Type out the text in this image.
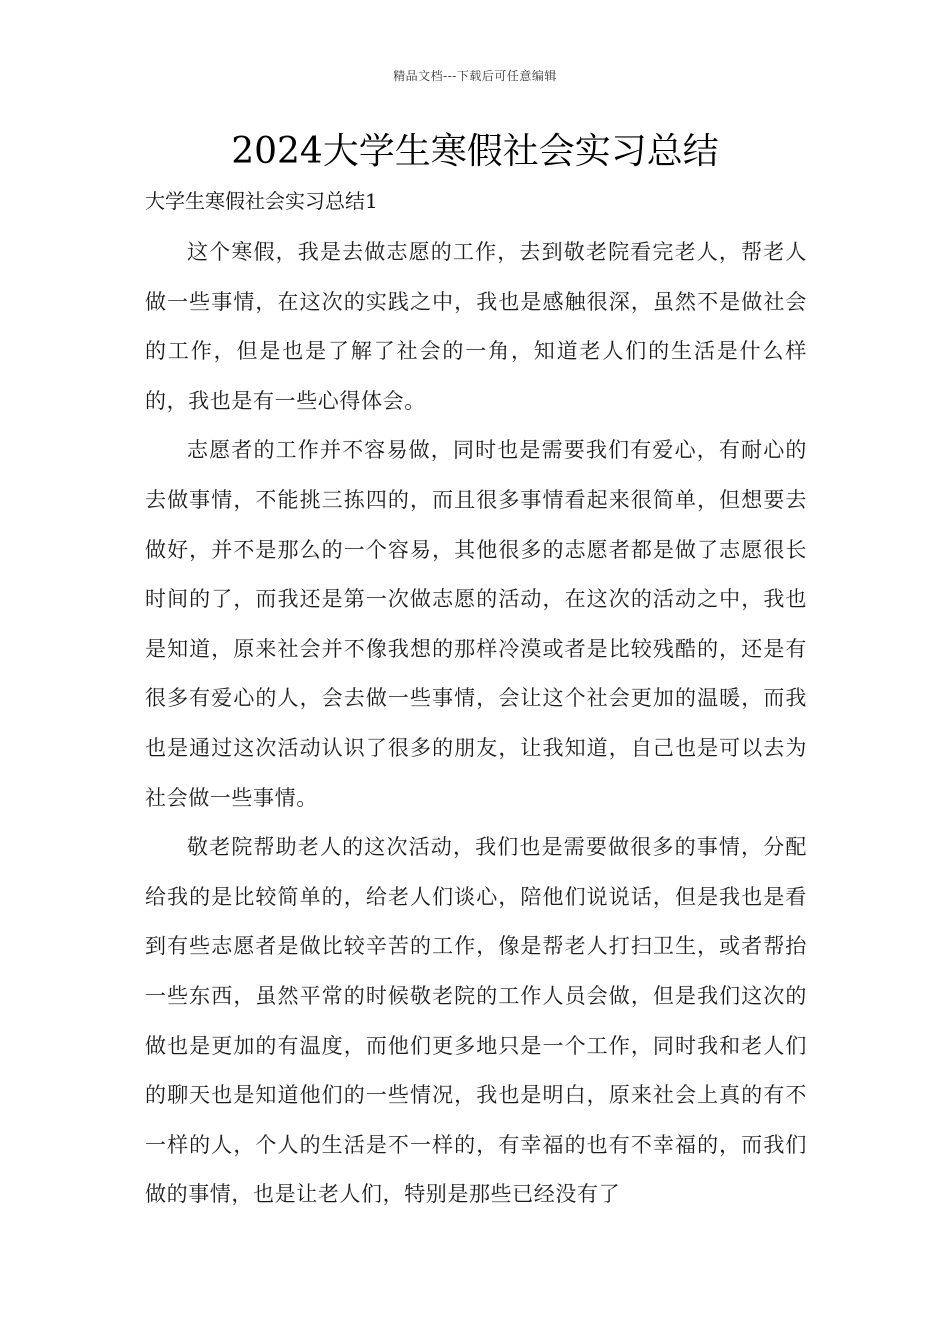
精品文档---下载后可任意编辑
2024大学生寒假社会实习总结
大学生寒假社会实习总结1

这个寒假，我是去做志愿的工作，去到敬老院看完老人，帮老人做一些事情，在这次的实践之中，我也是感触很深，虽然不是做社会的工作，但是也是了解了社会的一角，知道老人们的生活是什么样的，我也是有一些心得体会。

志愿者的工作并不容易做，同时也是需要我们有爱心，有耐心的去做事情，不能挑三拣四的，而且很多事情看起来很简单，但想要去做好，并不是那么的一个容易，其他很多的志愿者都是做了志愿很长时间的了，而我还是第一次做志愿的活动，在这次的活动之中，我也是知道，原来社会并不像我想的那样冷漠或者是比较残酷的，还是有很多有爱心的人，会去做一些事情，会让这个社会更加的温暖，而我也是通过这次活动认识了很多的朋友，让我知道，自己也是可以去为社会做一些事情。

敬老院帮助老人的这次活动，我们也是需要做很多的事情，分配给我的是比较简单的，给老人们谈心，陪他们说说话，但是我也是看到有些志愿者是做比较辛苦的工作，像是帮老人打扫卫生，或者帮抬一些东西，虽然平常的时候敬老院的工作人员会做，但是我们这次的做也是更加的有温度，而他们更多地只是一个工作，同时我和老人们的聊天也是知道他们的一些情况，我也是明白，原来社会上真的有不一样的人，个人的生活是不一样的，有幸福的也有不幸福的，而我们做的事情，也是让老人们，特别是那些已经没有了
